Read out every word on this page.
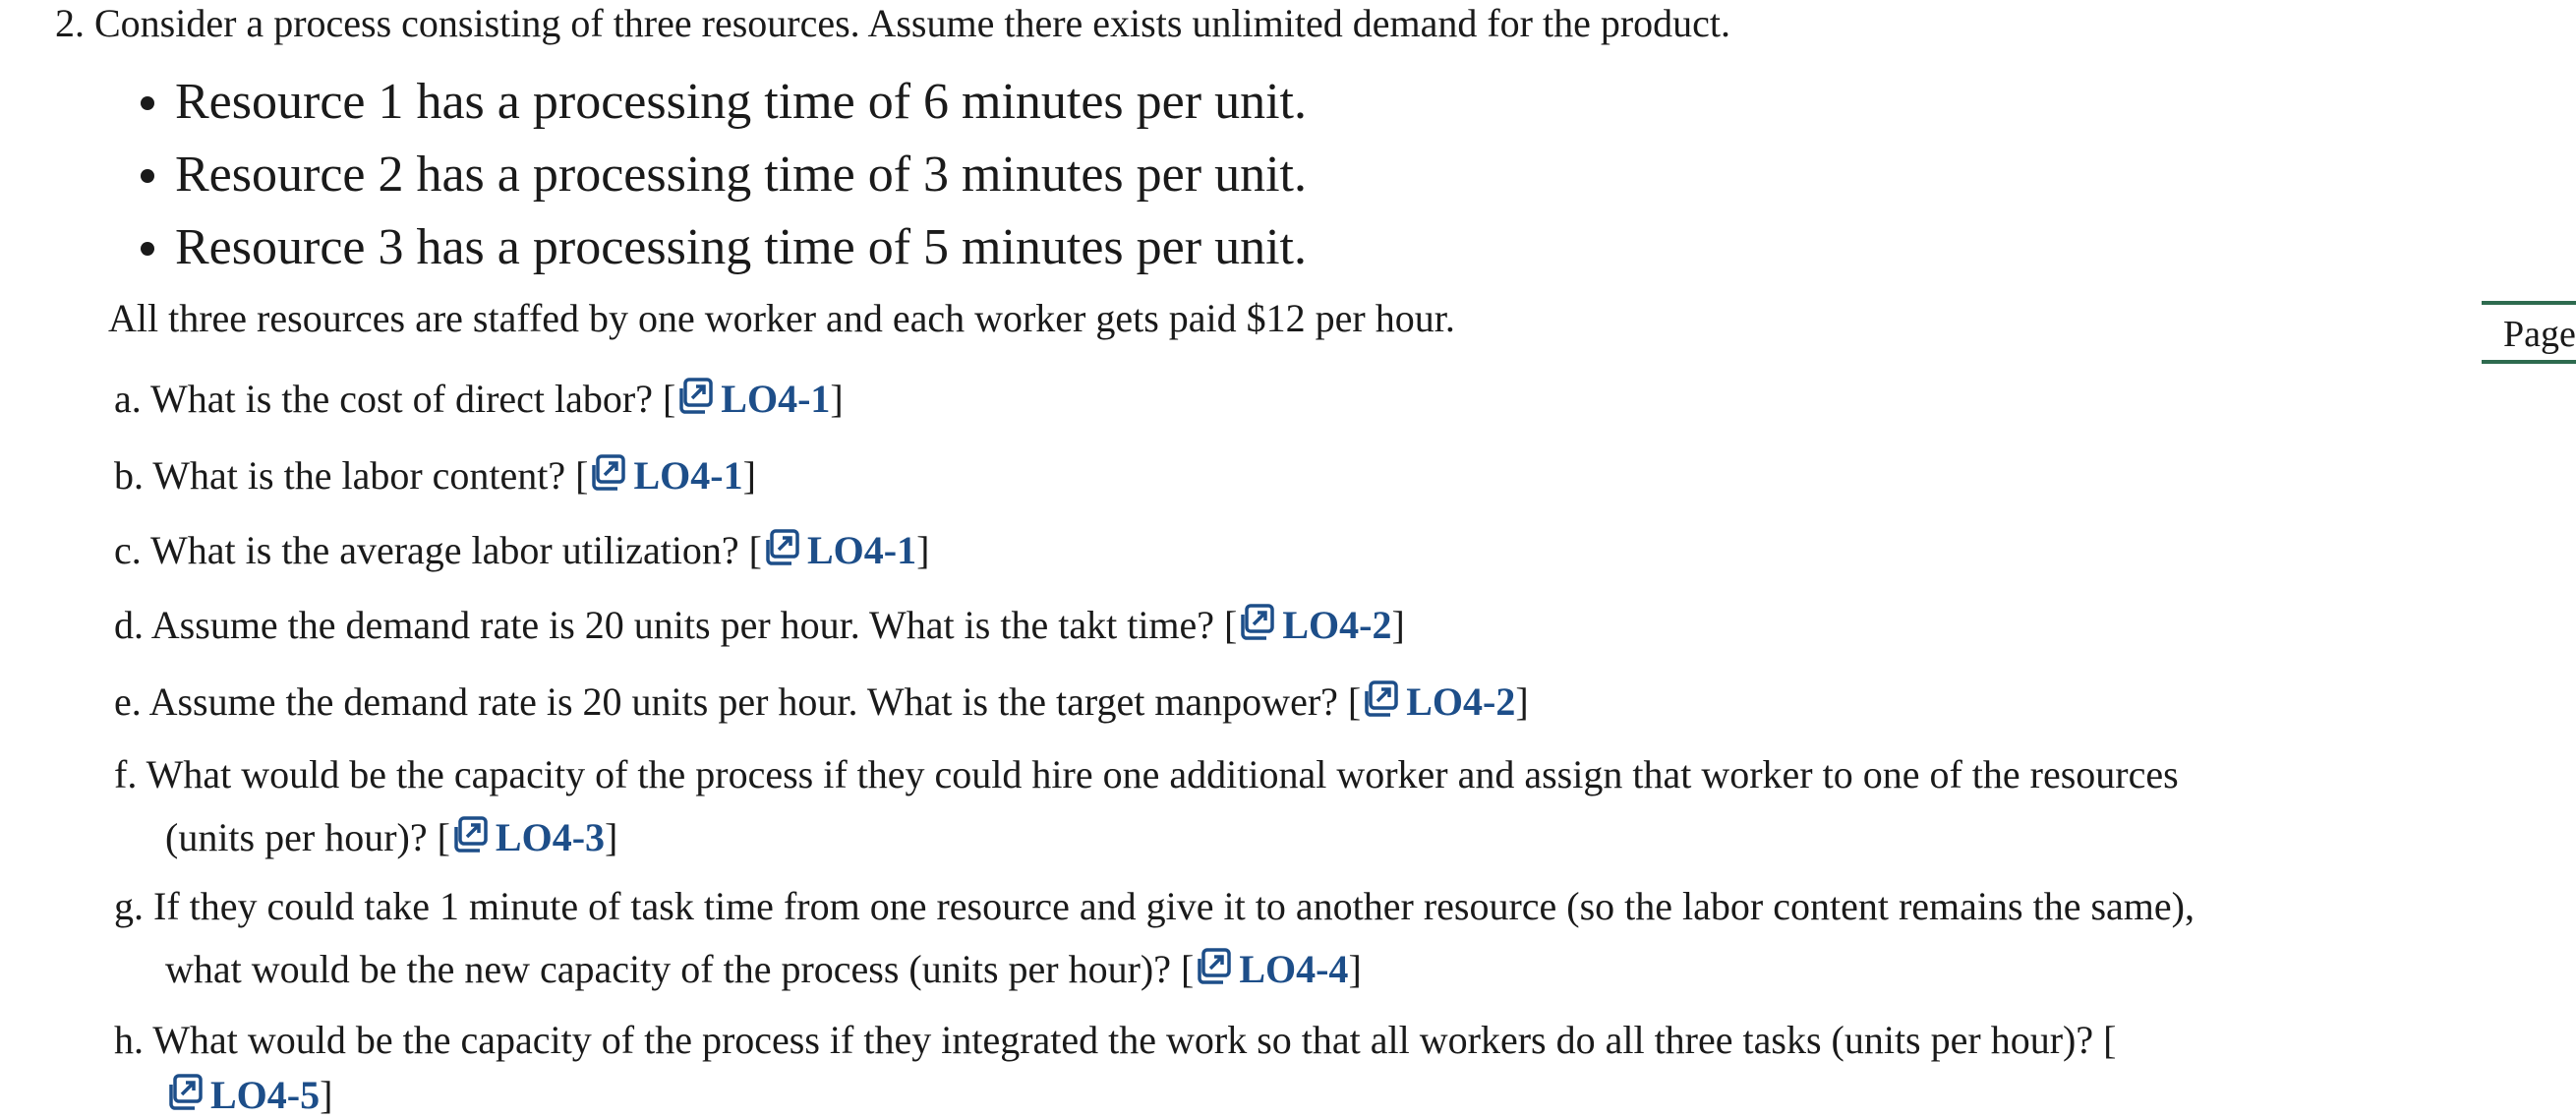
2. Consider a process consisting of three resources. Assume there exists unlimited demand for the product.
Resource 1 has a processing time of 6 minutes per unit.
Resource 2 has a processing time of 3 minutes per unit.
Resource 3 has a processing time of 5 minutes per unit.
All three resources are staffed by one worker and each worker gets paid $12 per hour.	Page
a. What is the cost of direct labor? [ LO4-1]
b. What is the labor content? [ LO4-1]
c. What is the average labor utilization? [ LO4-1]
d. Assume the demand rate is 20 units per hour. What is the takt time? [ LO4-2]
e. Assume the demand rate is 20 units per hour. What is the target manpower? [ LO4-2]
f. What would be the capacity of the process if they could hire one additional worker and assign that worker to one of the resources
(units per hour)? [ LO4-3]
g. If they could take 1 minute of task time from one resource and give it to another resource (so the labor content remains the same),
what would be the new capacity of the process (units per hour)? [ LO4-4]
h. What would be the capacity of the process if they integrated the work so that all workers do all three tasks (units per hour)? [
LO4-5]
